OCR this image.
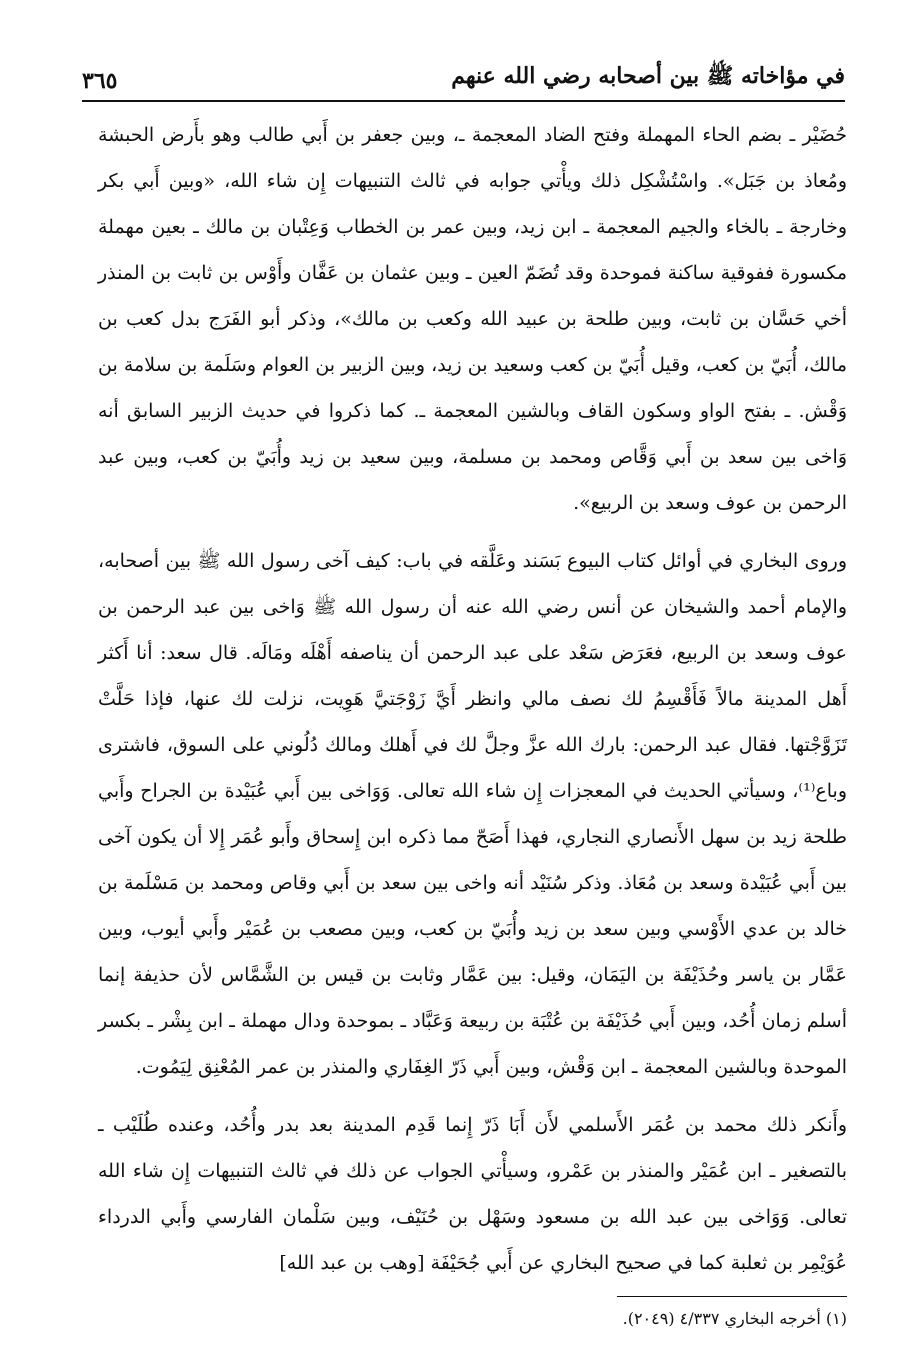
في مؤاخاته ﷺ بين أصحابه رضي الله عنهم
٣٦٥

حُضَيْر ـ بضم الحاء المهملة وفتح الضاد المعجمة ـ، وبين جعفر بن أَبي طالب وهو بأَرض الحبشة ومُعاذ بن جَبَل». واسْتُشْكِل ذلك ويأْتي جوابه في ثالث التنبيهات إِن شاء الله، «وبين أَبي بكر وخارجة ـ بالخاء والجيم المعجمة ـ ابن زيد، وبين عمر بن الخطاب وَعِتْبان بن مالك ـ بعين مهملة مكسورة ففوقية ساكنة فموحدة وقد تُضَمّ العين ـ وبين عثمان بن عَفَّان وأَوْس بن ثابت بن المنذر أخي حَسَّان بن ثابت، وبين طلحة بن عبيد الله وكعب بن مالك»، وذكر أبو الفَرَج بدل كعب بن مالك، أُبَيّ بن كعب، وقيل أُبَيّ بن كعب وسعيد بن زيد، وبين الزبير بن العوام وسَلَمة بن سلامة بن وَقْش. ـ بفتح الواو وسكون القاف وبالشين المعجمة ـ. كما ذكروا في حديث الزبير السابق أنه وَاخى بين سعد بن أَبي وَقَّاص ومحمد بن مسلمة، وبين سعيد بن زيد وأُبَيّ بن كعب، وبين عبد الرحمن بن عوف وسعد بن الربيع».

وروى البخاري في أوائل كتاب البيوع بَسَند وعَلَّقه في باب: كيف آخى رسول الله ﷺ بين أصحابه، والإمام أحمد والشيخان عن أنس رضي الله عنه أن رسول الله ﷺ وَاخى بين عبد الرحمن بن عوف وسعد بن الربيع، فعَرَض سَعْد على عبد الرحمن أن يناصفه أَهْلَه ومَالَه. قال سعد: أنا أَكثر أَهل المدينة مالاً فَأَقْسِمُ لك نصف مالي وانظر أَيَّ زَوْجَتيَّ هَوِيت، نزلت لك عنها، فإذا حَلَّتْ تَزَوَّجْتها. فقال عبد الرحمن: بارك الله عزَّ وجلَّ لك في أَهلك ومالك دُلُوني على السوق، فاشترى وباع⁽¹⁾، وسيأتي الحديث في المعجزات إِن شاء الله تعالى. وَوَاخى بين أَبي عُبَيْدة بن الجراح وأَبي طلحة زيد بن سهل الأَنصاري النجاري، فهذا أَصَحّ مما ذكره ابن إِسحاق وأَبو عُمَر إِلا أن يكون آخى بين أَبي عُبَيْدة وسعد بن مُعَاذ. وذكر سُنَيْد أنه واخى بين سعد بن أَبي وقاص ومحمد بن مَسْلَمة بن خالد بن عدي الأَوْسي وبين سعد بن زيد وأُبَيّ بن كعب، وبين مصعب بن عُمَيْر وأَبي أيوب، وبين عَمَّار بن ياسر وحُذَيْفَة بن اليَمَان، وقيل: بين عَمَّار وثابت بن قيس بن الشَّمَّاس لأن حذيفة إنما أسلم زمان أُحُد، وبين أَبي حُذَيْفَة بن عُتْبَة بن ربيعة وَعَبَّاد ـ بموحدة ودال مهملة ـ ابن بِشْر ـ بكسر الموحدة وبالشين المعجمة ـ ابن وَقْش، وبين أَبي ذَرّ الغِفَاري والمنذر بن عمر المُعْنِق لِيَمُوت.

وأَنكر ذلك محمد بن عُمَر الأَسلمي لأَن أَبَا ذَرّ إِنما قَدِم المدينة بعد بدر وأُحُد، وعنده طُلَيْب ـ بالتصغير ـ ابن عُمَيْر والمنذر بن عَمْرو، وسيأْتي الجواب عن ذلك في ثالث التنبيهات إِن شاء الله تعالى. وَوَاخى بين عبد الله بن مسعود وسَهْل بن حُنَيْف، وبين سَلْمان الفارسي وأَبي الدرداء عُوَيْمِر بن ثعلبة كما في صحيح البخاري عن أَبي جُحَيْفَة [وهب بن عبد الله]

(١) أخرجه البخاري ٤/٣٣٧ (٢٠٤٩).
